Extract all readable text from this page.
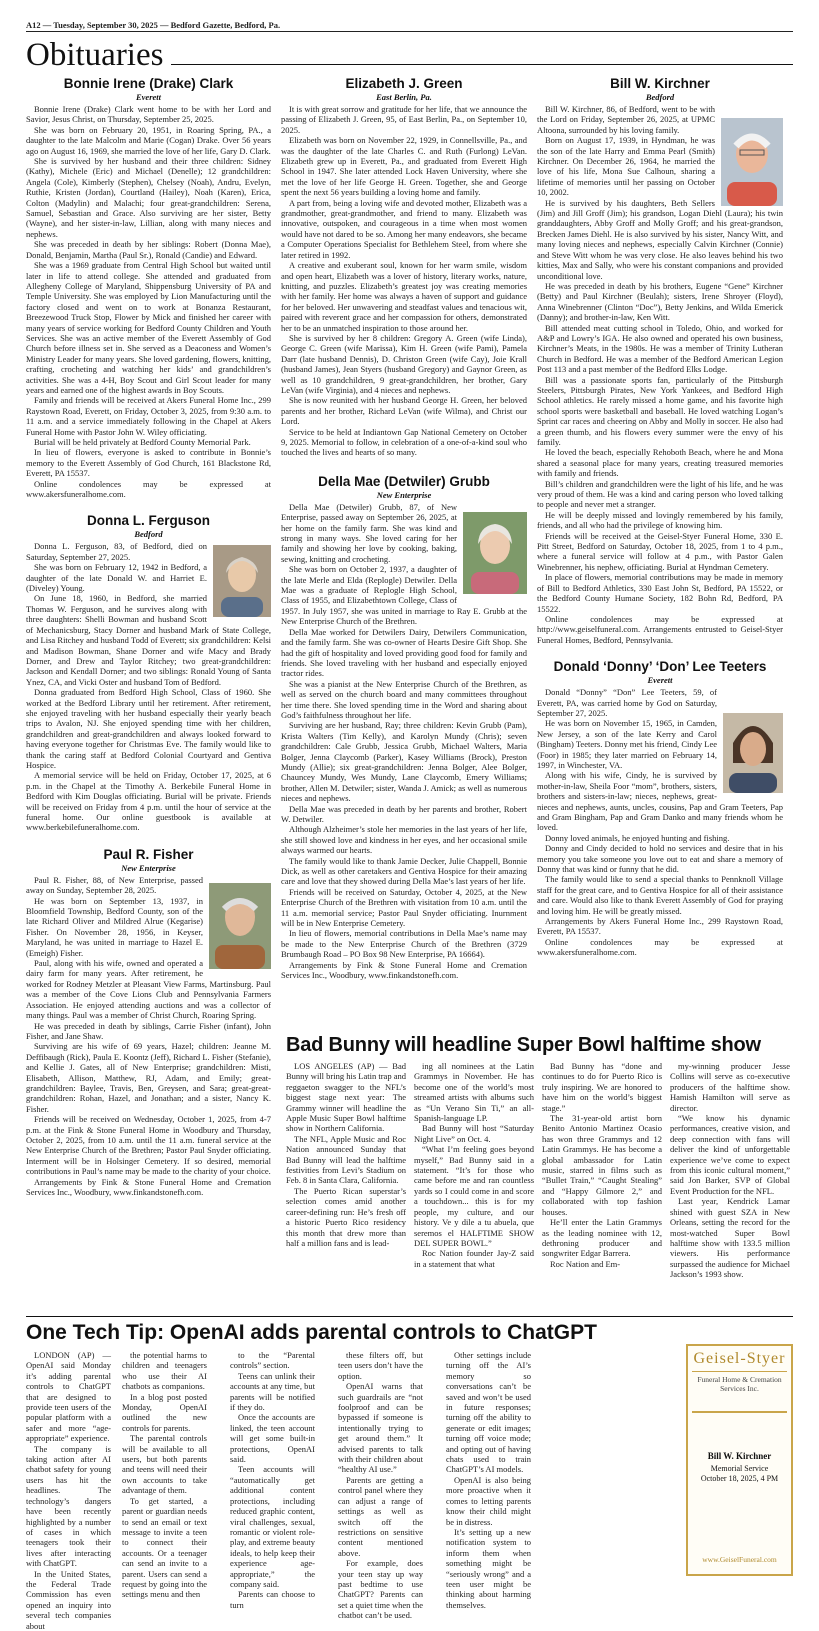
A12 — Tuesday, September 30, 2025 — Bedford Gazette, Bedford, Pa.
Obituaries
Bonnie Irene (Drake) Clark
Everett

Bonnie Irene (Drake) Clark went home to be with her Lord and Savior, Jesus Christ, on Thursday, September 25, 2025.

She was born on February 20, 1951, in Roaring Spring, PA., a daughter to the late Malcolm and Marie (Cogan) Drake. Over 56 years ago on August 16, 1969, she married the love of her life, Gary D. Clark.

She is survived by her husband and their three children: Sidney (Kathy), Michele (Eric) and Michael (Denelle); 12 grandchildren: Angela (Cole), Kimberly (Stephen), Chelsey (Noah), Andru, Evelyn, Ruthie, Kristen (Jordan), Courtland (Hailey), Noah (Karen), Erica, Colton (Madylin) and Malachi; four great-grandchildren: Serena, Samuel, Sebastian and Grace. Also surviving are her sister, Betty (Wayne), and her sister-in-law, Lillian, along with many nieces and nephews.

She was preceded in death by her siblings: Robert (Donna Mae), Donald, Benjamin, Martha (Paul Sr.), Ronald (Candie) and Edward.

She was a 1969 graduate from Central High School but waited until later in life to attend college. She attended and graduated from Allegheny College of Maryland, Shippensburg University of PA and Temple University. She was employed by Lion Manufacturing until the factory closed and went on to work at Bonanza Restaurant, Breezewood Truck Stop, Flower by Mick and finished her career with many years of service working for Bedford County Children and Youth Services. She was an active member of the Everett Assembly of God Church before illness set in. She served as a Deaconess and Women’s Ministry Leader for many years. She loved gardening, flowers, knitting, crafting, crocheting and watching her kids’ and grandchildren’s activities. She was a 4-H, Boy Scout and Girl Scout leader for many years and earned one of the highest awards in Boy Scouts.

Family and friends will be received at Akers Funeral Home Inc., 299 Raystown Road, Everett, on Friday, October 3, 2025, from 9:30 a.m. to 11 a.m. and a service immediately following in the Chapel at Akers Funeral Home with Pastor John W. Wiley officiating.

Burial will be held privately at Bedford County Memorial Park.

In lieu of flowers, everyone is asked to contribute in Bonnie’s memory to the Everett Assembly of God Church, 161 Blackstone Rd, Everett, PA 15537.

Online condolences may be expressed at www.akersfuneralhome.com.

Donna L. Ferguson
Bedford

Donna L. Ferguson, 83, of Bedford, died on Saturday, September 27, 2025.

She was born on February 12, 1942 in Bedford, a daughter of the late Donald W. and Harriet E. (Diveley) Young.

On June 18, 1960, in Bedford, she married Thomas W. Ferguson, and he survives along with three daughters: Shelli Bowman and husband Scott of Mechanicsburg, Stacy Dorner and husband Mark of State College, and Lisa Ritchey and husband Todd of Everett; six grandchildren: Kelsi and Madison Bowman, Shane Dorner and wife Macy and Brady Dorner, and Drew and Taylor Ritchey; two great-grandchildren: Jackson and Kendall Dorner; and two siblings: Ronald Young of Santa Ynez, CA, and Vicki Oster and husband Tom of Bedford.

Donna graduated from Bedford High School, Class of 1960. She worked at the Bedford Library until her retirement. After retirement, she enjoyed traveling with her husband especially their yearly beach trips to Avalon, NJ. She enjoyed spending time with her children, grandchildren and great-grandchildren and always looked forward to having everyone together for Christmas Eve. The family would like to thank the caring staff at Bedford Colonial Courtyard and Gentiva Hospice.

A memorial service will be held on Friday, October 17, 2025, at 6 p.m. in the Chapel at the Timothy A. Berkebile Funeral Home in Bedford with Kim Douglas officiating. Burial will be private. Friends will be received on Friday from 4 p.m. until the hour of service at the funeral home. Our online guestbook is available at www.berkebilefuneralhome.com.

Paul R. Fisher
New Enterprise

Paul R. Fisher, 88, of New Enterprise, passed away on Sunday, September 28, 2025.

He was born on September 13, 1937, in Bloomfield Township, Bedford County, son of the late Richard Oliver and Mildred Alrue (Kegarise) Fisher. On November 28, 1956, in Keyser, Maryland, he was united in marriage to Hazel E. (Emeigh) Fisher.

Paul, along with his wife, owned and operated a dairy farm for many years. After retirement, he worked for Rodney Metzler at Pleasant View Farms, Martinsburg. Paul was a member of the Cove Lions Club and Pennsylvania Farmers Association. He enjoyed attending auctions and was a collector of many things. Paul was a member of Christ Church, Roaring Spring.

He was preceded in death by siblings, Carrie Fisher (infant), John Fisher, and Jane Shaw.

Surviving are his wife of 69 years, Hazel; children: Jeanne M. Deffibaugh (Rick), Paula E. Koontz (Jeff), Richard L. Fisher (Stefanie), and Kellie J. Gates, all of New Enterprise; grandchildren: Misti, Elisabeth, Allison, Matthew, RJ, Adam, and Emily; great-grandchildren: Baylee, Travis, Ben, Greysen, and Sara; great-great-grandchildren: Rohan, Hazel, and Jonathan; and a sister, Nancy K. Fisher.

Friends will be received on Wednesday, October 1, 2025, from 4-7 p.m. at the Fink & Stone Funeral Home in Woodbury and Thursday, October 2, 2025, from 10 a.m. until the 11 a.m. funeral service at the New Enterprise Church of the Brethren; Pastor Paul Snyder officiating. Interment will be in Holsinger Cemetery. If so desired, memorial contributions in Paul’s name may be made to the charity of your choice.

Arrangements by Fink & Stone Funeral Home and Cremation Services Inc., Woodbury, www.finkandstonefh.com.

Elizabeth J. Green
East Berlin, Pa.

It is with great sorrow and gratitude for her life, that we announce the passing of Elizabeth J. Green, 95, of East Berlin, Pa., on September 10, 2025.

Elizabeth was born on November 22, 1929, in Connellsville, Pa., and was the daughter of the late Charles C. and Ruth (Furlong) LeVan. Elizabeth grew up in Everett, Pa., and graduated from Everett High School in 1947. She later attended Lock Haven University, where she met the love of her life George H. Green. Together, she and George spent the next 56 years building a loving home and family.

A part from, being a loving wife and devoted mother, Elizabeth was a grandmother, great-grandmother, and friend to many. Elizabeth was innovative, outspoken, and courageous in a time when most women would have not dared to be so. Among her many endeavors, she became a Computer Operations Specialist for Bethlehem Steel, from where she later retired in 1992.

A creative and exuberant soul, known for her warm smile, wisdom and open heart, Elizabeth was a lover of history, literary works, nature, knitting, and puzzles. Elizabeth’s greatest joy was creating memories with her family. Her home was always a haven of support and guidance for her beloved. Her unwavering and steadfast values and tenacious wit, paired with reverent grace and her compassion for others, demonstrated her to be an unmatched inspiration to those around her.

She is survived by her 8 children: Gregory A. Green (wife Linda), George C. Green (wife Marissa), Kim H. Green (wife Pami), Pamela Darr (late husband Dennis), D. Christon Green (wife Cay), Joie Krall (husband James), Jean Styers (husband Gregory) and Gaynor Green, as well as 10 grandchildren, 9 great-grandchildren, her brother, Gary LeVan (wife Virginia), and 4 nieces and nephews.

She is now reunited with her husband George H. Green, her beloved parents and her brother, Richard LeVan (wife Wilma), and Christ our Lord.

Service to be held at Indiantown Gap National Cemetery on October 9, 2025. Memorial to follow, in celebration of a one-of-a-kind soul who touched the lives and hearts of so many.

Della Mae (Detwiler) Grubb
New Enterprise

Della Mae (Detwiler) Grubb, 87, of New Enterprise, passed away on September 26, 2025, at her home on the family farm. She was kind and strong in many ways. She loved caring for her family and showing her love by cooking, baking, sewing, knitting and crocheting.

She was born on October 2, 1937, a daughter of the late Merle and Elda (Replogle) Detwiler. Della Mae was a graduate of Replogle High School, Class of 1955, and Elizabethtown College, Class of 1957. In July 1957, she was united in marriage to Ray E. Grubb at the New Enterprise Church of the Brethren.

Della Mae worked for Detwilers Dairy, Detwilers Communication, and the family farm. She was co-owner of Hearts Desire Gift Shop. She had the gift of hospitality and loved providing good food for family and friends. She loved traveling with her husband and especially enjoyed tractor rides.

She was a pianist at the New Enterprise Church of the Brethren, as well as served on the church board and many committees throughout her time there. She loved spending time in the Word and sharing about God’s faithfulness throughout her life.

Surviving are her husband, Ray; three children: Kevin Grubb (Pam), Krista Walters (Tim Kelly), and Karolyn Mundy (Chris); seven grandchildren: Cale Grubb, Jessica Grubb, Michael Walters, Maria Bolger, Jenna Claycomb (Parker), Kasey Williams (Brock), Preston Mundy (Allie); six great-grandchildren: Jenna Bolger, Alee Bolger, Chauncey Mundy, Wes Mundy, Lane Claycomb, Emery Williams; brother, Allen M. Detwiler; sister, Wanda J. Amick; as well as numerous nieces and nephews.

Della Mae was preceded in death by her parents and brother, Robert W. Detwiler.

Although Alzheimer’s stole her memories in the last years of her life, she still showed love and kindness in her eyes, and her occasional smile always warmed our hearts.

The family would like to thank Jamie Decker, Julie Chappell, Bonnie Dick, as well as other caretakers and Gentiva Hospice for their amazing care and love that they showed during Della Mae’s last years of her life.

Friends will be received on Saturday, October 4, 2025, at the New Enterprise Church of the Brethren with visitation from 10 a.m. until the 11 a.m. memorial service; Pastor Paul Snyder officiating. Inurnment will be in New Enterprise Cemetery.

In lieu of flowers, memorial contributions in Della Mae’s name may be made to the New Enterprise Church of the Brethren (3729 Brumbaugh Road – PO Box 98 New Enterprise, PA 16664).

Arrangements by Fink & Stone Funeral Home and Cremation Services Inc., Woodbury, www.finkandstonefh.com.

Bill W. Kirchner
Bedford

Bill W. Kirchner, 86, of Bedford, went to be with the Lord on Friday, September 26, 2025, at UPMC Altoona, surrounded by his loving family.

Born on August 17, 1939, in Hyndman, he was the son of the late Harry and Emma Pearl (Smith) Kirchner. On December 26, 1964, he married the love of his life, Mona Sue Calhoun, sharing a lifetime of memories until her passing on October 10, 2002.

He is survived by his daughters, Beth Sellers (Jim) and Jill Groff (Jim); his grandson, Logan Diehl (Laura); his twin granddaughters, Abby Groff and Molly Groff; and his great-grandson, Brecken James Diehl. He is also survived by his sister, Nancy Witt, and many loving nieces and nephews, especially Calvin Kirchner (Connie) and Steve Witt whom he was very close. He also leaves behind his two kitties, Max and Sally, who were his constant companions and provided unconditional love.

He was preceded in death by his brothers, Eugene “Gene” Kirchner (Betty) and Paul Kirchner (Beulah); sisters, Irene Shroyer (Floyd), Anna Winebrenner (Clinton “Doc”), Betty Jenkins, and Wilda Emerick (Danny); and brother-in-law, Ken Witt.

Bill attended meat cutting school in Toledo, Ohio, and worked for A&P and Lowry’s IGA. He also owned and operated his own business, Kirchner’s Meats, in the 1980s. He was a member of Trinity Lutheran Church in Bedford. He was a member of the Bedford American Legion Post 113 and a past member of the Bedford Elks Lodge.

Bill was a passionate sports fan, particularly of the Pittsburgh Steelers, Pittsburgh Pirates, New York Yankees, and Bedford High School athletics. He rarely missed a home game, and his favorite high school sports were basketball and baseball. He loved watching Logan’s Sprint car races and cheering on Abby and Molly in soccer. He also had a green thumb, and his flowers every summer were the envy of his family.

He loved the beach, especially Rehoboth Beach, where he and Mona shared a seasonal place for many years, creating treasured memories with family and friends.

Bill’s children and grandchildren were the light of his life, and he was very proud of them. He was a kind and caring person who loved talking to people and never met a stranger.

He will be deeply missed and lovingly remembered by his family, friends, and all who had the privilege of knowing him.

Friends will be received at the Geisel-Styer Funeral Home, 330 E. Pitt Street, Bedford on Saturday, October 18, 2025, from 1 to 4 p.m., where a funeral service will follow at 4 p.m., with Pastor Galen Winebrenner, his nephew, officiating. Burial at Hyndman Cemetery.

In place of flowers, memorial contributions may be made in memory of Bill to Bedford Athletics, 330 East John St, Bedford, PA 15522, or the Bedford County Humane Society, 182 Bohn Rd, Bedford, PA 15522.

Online condolences may be expressed at http://www.geiselfuneral.com. Arrangements entrusted to Geisel-Styer Funeral Homes, Bedford, Pennsylvania.

Donald ‘Donny’ ‘Don’ Lee Teeters
Everett

Donald “Donny” “Don” Lee Teeters, 59, of Everett, PA, was carried home by God on Saturday, September 27, 2025.

He was born on November 15, 1965, in Camden, New Jersey, a son of the late Kerry and Carol (Bingham) Teeters. Donny met his friend, Cindy Lee (Foor) in 1985; they later married on February 14, 1997, in Winchester, VA.

Along with his wife, Cindy, he is survived by mother-in-law, Sheila Foor “mom”, brothers, sisters, brothers and sisters-in-law; nieces, nephews, great-nieces and nephews, aunts, uncles, cousins, Pap and Gram Teeters, Pap and Gram Bingham, Pap and Gram Danko and many friends whom he loved.

Donny loved animals, he enjoyed hunting and fishing.

Donny and Cindy decided to hold no services and desire that in his memory you take someone you love out to eat and share a memory of Donny that was kind or funny that he did.

The family would like to send a special thanks to Pennknoll Village staff for the great care, and to Gentiva Hospice for all of their assistance and care. Would also like to thank Everett Assembly of God for praying and loving him. He will be greatly missed.

Arrangements by Akers Funeral Home Inc., 299 Raystown Road, Everett, PA 15537.

Online condolences may be expressed at www.akersfuneralhome.com.

Bad Bunny will headline Super Bowl halftime show

LOS ANGELES (AP) — Bad Bunny will bring his Latin trap and reggaeton swagger to the NFL’s biggest stage next year: The Grammy winner will headline the Apple Music Super Bowl halftime show in Northern California.

The NFL, Apple Music and Roc Nation announced Sunday that Bad Bunny will lead the halftime festivities from Levi’s Stadium on Feb. 8 in Santa Clara, California.

The Puerto Rican superstar’s selection comes amid another career-defining run: He’s fresh off a historic Puerto Rico residency this month that drew more than half a million fans and is lead-

ing all nominees at the Latin Grammys in November. He has become one of the world’s most streamed artists with albums such as “Un Verano Sin Ti,” an all-Spanish-language LP.

Bad Bunny will host “Saturday Night Live” on Oct. 4.

“What I’m feeling goes beyond myself,” Bad Bunny said in a statement. “It’s for those who came before me and ran countless yards so I could come in and score a touchdown... this is for my people, my culture, and our history. Ve y dile a tu abuela, que seremos el HALFTIME SHOW DEL SUPER BOWL.”

Roc Nation founder Jay-Z said in a statement that what

Bad Bunny has “done and continues to do for Puerto Rico is truly inspiring. We are honored to have him on the world’s biggest stage.”

The 31-year-old artist born Benito Antonio Martinez Ocasio has won three Grammys and 12 Latin Grammys. He has become a global ambassador for Latin music, starred in films such as “Bullet Train,” “Caught Stealing” and “Happy Gilmore 2,” and collaborated with top fashion houses.

He’ll enter the Latin Grammys as the leading nominee with 12, dethroning producer and songwriter Edgar Barrera.

Roc Nation and Em-

my-winning producer Jesse Collins will serve as co-executive producers of the halftime show. Hamish Hamilton will serve as director.

“We know his dynamic performances, creative vision, and deep connection with fans will deliver the kind of unforgettable experience we’ve come to expect from this iconic cultural moment,” said Jon Barker, SVP of Global Event Production for the NFL.

Last year, Kendrick Lamar shined with guest SZA in New Orleans, setting the record for the most-watched Super Bowl halftime show with 133.5 million viewers. His performance surpassed the audience for Michael Jackson’s 1993 show.

One Tech Tip: OpenAI adds parental controls to ChatGPT

LONDON (AP) — OpenAI said Monday it’s adding parental controls to ChatGPT that are designed to provide teen users of the popular platform with a safer and more “age-appropriate” experience.

The company is taking action after AI chatbot safety for young users has hit the headlines. The technology’s dangers have been recently highlighted by a number of cases in which teenagers took their lives after interacting with ChatGPT.

In the United States, the Federal Trade Commission has even opened an inquiry into several tech companies about

the potential harms to children and teenagers who use their AI chatbots as companions.

In a blog post posted Monday, OpenAI outlined the new controls for parents.

The parental controls will be available to all users, but both parents and teens will need their own accounts to take advantage of them.

To get started, a parent or guardian needs to send an email or text message to invite a teen to connect their accounts. Or a teenager can send an invite to a parent. Users can send a request by going into the settings menu and then

to the “Parental controls” section.

Teens can unlink their accounts at any time, but parents will be notified if they do.

Once the accounts are linked, the teen account will get some built-in protections, OpenAI said.

Teen accounts will “automatically get additional content protections, including reduced graphic content, viral challenges, sexual, romantic or violent role-play, and extreme beauty ideals, to help keep their experience age-appropriate,” the company said.

Parents can choose to turn

these filters off, but teen users don’t have the option.

OpenAI warns that such guardrails are “not foolproof and can be bypassed if someone is intentionally trying to get around them.” It advised parents to talk with their children about “healthy AI use.”

Parents are getting a control panel where they can adjust a range of settings as well as switch off the restrictions on sensitive content mentioned above.

For example, does your teen stay up way past bedtime to use ChatGPT? Parents can set a quiet time when the chatbot can’t be used.

Other settings include turning off the AI’s memory so conversations can’t be saved and won’t be used in future responses; turning off the ability to generate or edit images; turning off voice mode; and opting out of having chats used to train ChatGPT’s AI models.

OpenAI is also being more proactive when it comes to letting parents know their child might be in distress.

It’s setting up a new notification system to inform them when something might be “seriously wrong” and a teen user might be thinking about harming themselves.

Geisel-Styer
Funeral Home & Cremation Services Inc.
Bill W. Kirchner
Memorial Service
October 18, 2025, 4 PM
www.GeiselFuneral.com
